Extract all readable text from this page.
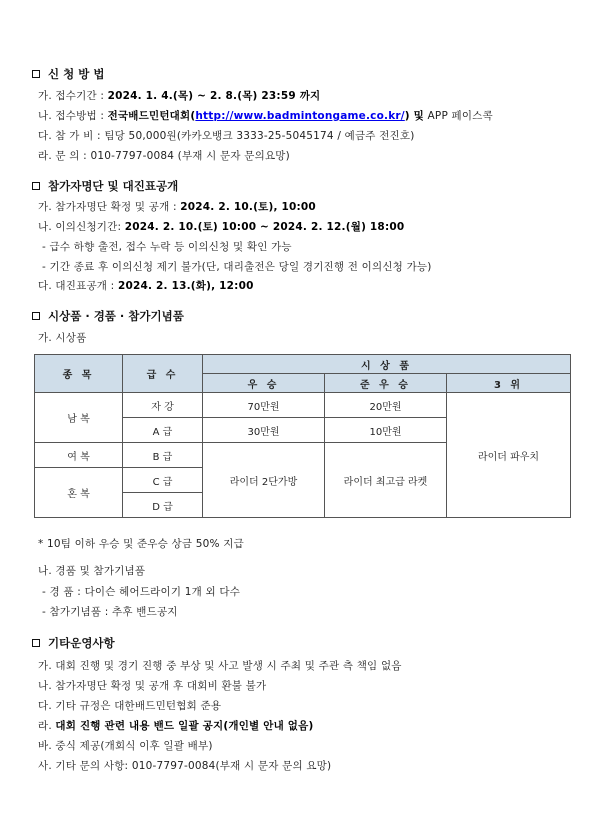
신 청 방 법
가. 접수기간 : 2024. 1. 4.(목) ~ 2. 8.(목) 23:59 까지
나. 접수방법 : 전국배드민턴대회(http://www.badmintongame.co.kr/) 및 APP 페이스콕
다. 참 가 비 : 팀당 50,000원(카카오뱅크 3333-25-5045174 / 예금주 전진호)
라. 문 의 : 010-7797-0084 (부재 시 문자 문의요망)
참가자명단 및 대진표공개
가. 참가자명단 확정 및 공개 : 2024. 2. 10.(토), 10:00
나. 이의신청기간: 2024. 2. 10.(토) 10:00 ~ 2024. 2. 12.(월) 18:00
- 급수 하향 출전, 접수 누락 등 이의신청 및 확인 가능
- 기간 종료 후 이의신청 제기 불가(단, 대리출전은 당일 경기진행 전 이의신청 가능)
다. 대진표공개 : 2024. 2. 13.(화), 12:00
시상품 · 경품 · 참가기념품
가. 시상품
종 목	급 수	시 상 품		
		우 승	준 우 승	3 위
남 복	자 강	70만원	20만원	라이더 파우치
	A 급	30만원	10만원	
여 복	B 급	라이더 2단가방	라이더 최고급 라켓	
혼 복	C 급			
	D 급			
* 10팀 이하 우승 및 준우승 상금 50% 지급
나. 경품 및 참가기념품
- 경 품 : 다이슨 헤어드라이기 1개 외 다수
- 참가기념품 : 추후 밴드공지
기타운영사항
가. 대회 진행 및 경기 진행 중 부상 및 사고 발생 시 주최 및 주관 측 책임 없음
나. 참가자명단 확정 및 공개 후 대회비 환불 불가
다. 기타 규정은 대한배드민턴협회 준용
라. 대회 진행 관련 내용 밴드 일괄 공지(개인별 안내 없음)
바. 중식 제공(개회식 이후 일괄 배부)
사. 기타 문의 사항: 010-7797-0084(부재 시 문자 문의 요망)
